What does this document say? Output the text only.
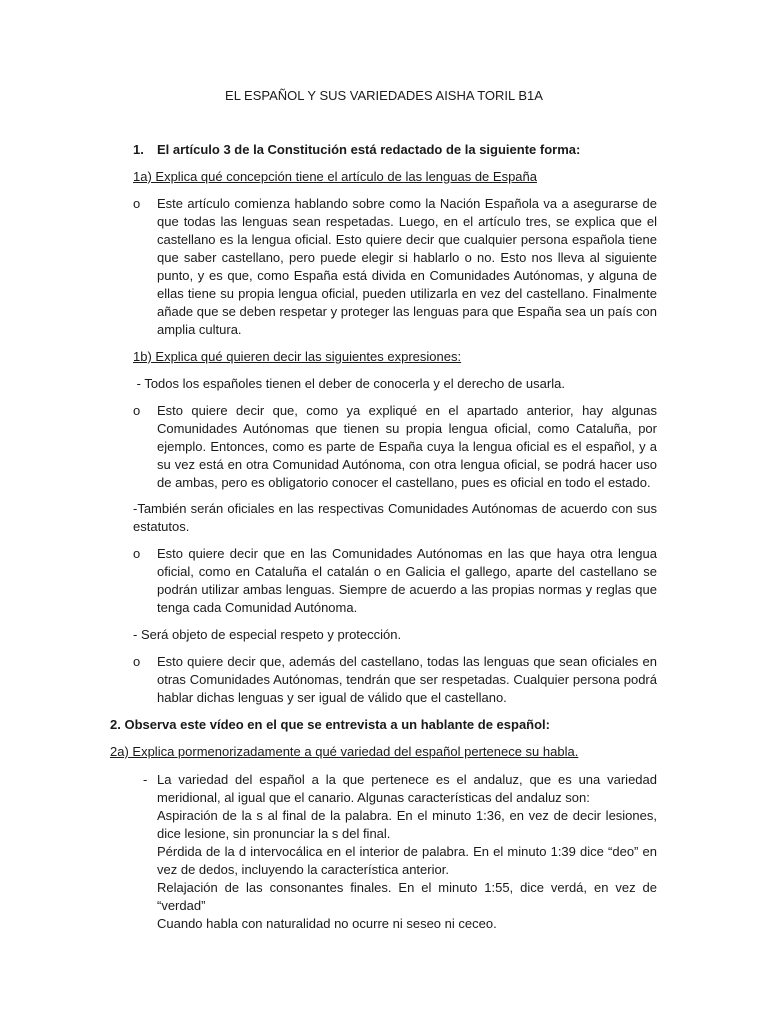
EL ESPAÑOL Y SUS VARIEDADES AISHA TORIL B1A
1. El artículo 3 de la Constitución está redactado de la siguiente forma:
1a) Explica qué concepción tiene el artículo de las lenguas de España
o Este artículo comienza hablando sobre como la Nación Española va a asegurarse de que todas las lenguas sean respetadas. Luego, en el artículo tres, se explica que el castellano es la lengua oficial. Esto quiere decir que cualquier persona española tiene que saber castellano, pero puede elegir si hablarlo o no. Esto nos lleva al siguiente punto, y es que, como España está divida en Comunidades Autónomas, y alguna de ellas tiene su propia lengua oficial, pueden utilizarla en vez del castellano. Finalmente añade que se deben respetar y proteger las lenguas para que España sea un país con amplia cultura.
1b) Explica qué quieren decir las siguientes expresiones:
- Todos los españoles tienen el deber de conocerla y el derecho de usarla.
o Esto quiere decir que, como ya expliqué en el apartado anterior, hay algunas Comunidades Autónomas que tienen su propia lengua oficial, como Cataluña, por ejemplo. Entonces, como es parte de España cuya la lengua oficial es el español, y a su vez está en otra Comunidad Autónoma, con otra lengua oficial, se podrá hacer uso de ambas, pero es obligatorio conocer el castellano, pues es oficial en todo el estado.
-También serán oficiales en las respectivas Comunidades Autónomas de acuerdo con sus estatutos.
o Esto quiere decir que en las Comunidades Autónomas en las que haya otra lengua oficial, como en Cataluña el catalán o en Galicia el gallego, aparte del castellano se podrán utilizar ambas lenguas. Siempre de acuerdo a las propias normas y reglas que tenga cada Comunidad Autónoma.
- Será objeto de especial respeto y protección.
o Esto quiere decir que, además del castellano, todas las lenguas que sean oficiales en otras Comunidades Autónomas, tendrán que ser respetadas. Cualquier persona podrá hablar dichas lenguas y ser igual de válido que el castellano.
2. Observa este vídeo en el que se entrevista a un hablante de español:
2a) Explica pormenorizadamente a qué variedad del español pertenece su habla.
- La variedad del español a la que pertenece es el andaluz, que es una variedad meridional, al igual que el canario. Algunas características del andaluz son:

Aspiración de la s al final de la palabra. En el minuto 1:36, en vez de decir lesiones, dice lesione, sin pronunciar la s del final.

Pérdida de la d intervocálica en el interior de palabra. En el minuto 1:39 dice “deo” en vez de dedos, incluyendo la característica anterior.

Relajación de las consonantes finales. En el minuto 1:55, dice verdá, en vez de “verdad”

Cuando habla con naturalidad no ocurre ni seseo ni ceceo.
